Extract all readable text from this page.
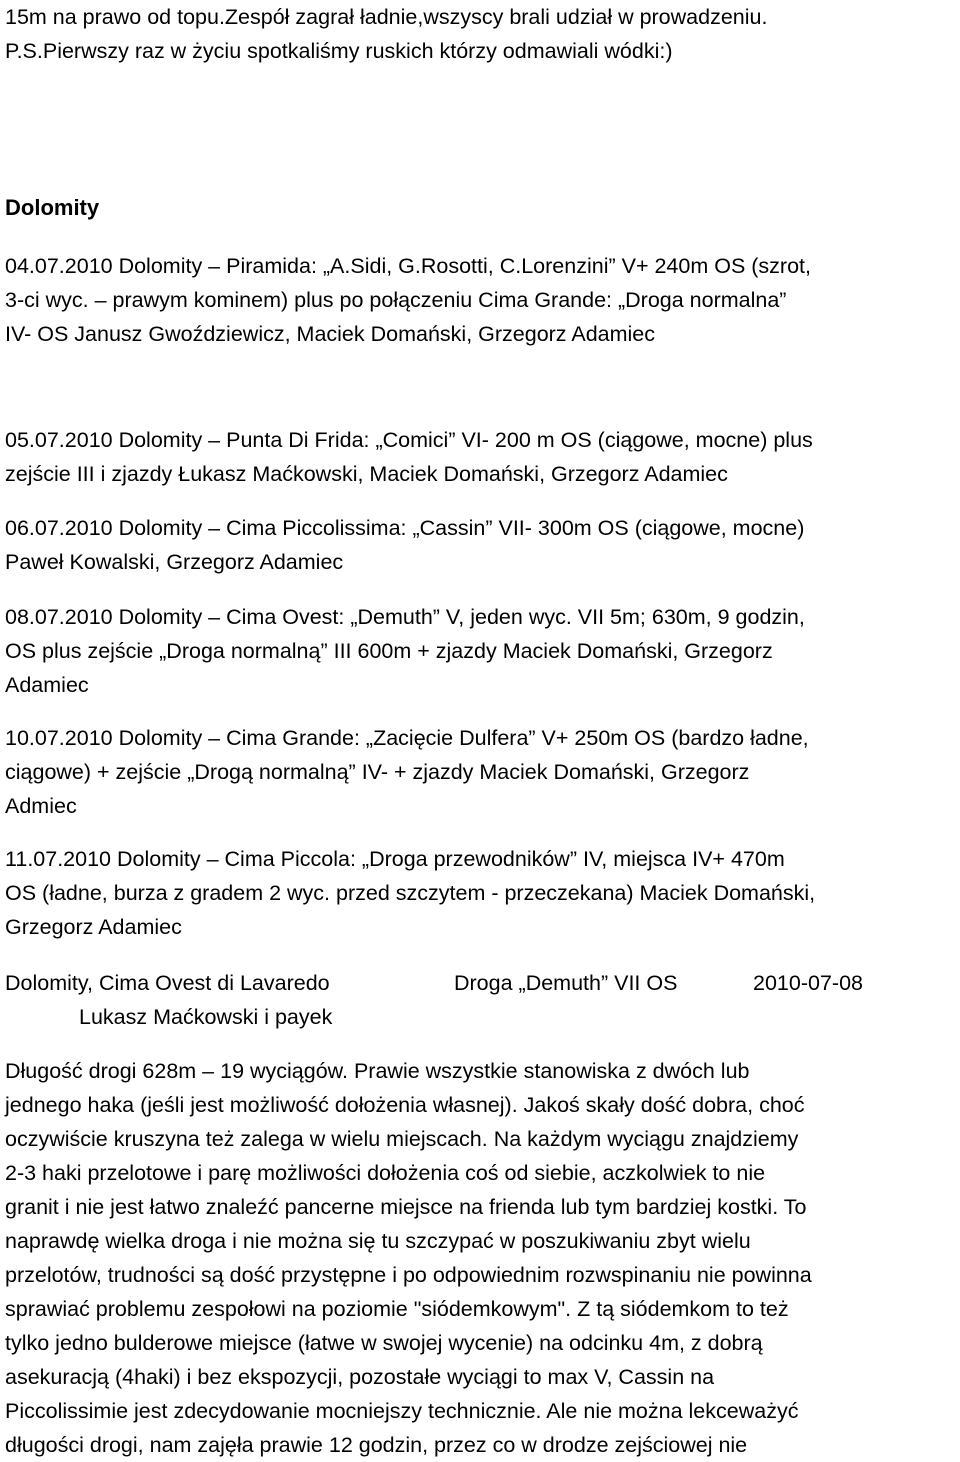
15m na prawo od topu.Zespół zagrał ładnie,wszyscy brali udział w prowadzeniu.
P.S.Pierwszy raz w życiu spotkaliśmy ruskich którzy odmawiali wódki:)
Dolomity
04.07.2010 Dolomity – Piramida: „A.Sidi, G.Rosotti, C.Lorenzini” V+ 240m OS (szrot,
3-ci wyc. – prawym kominem) plus po połączeniu Cima Grande: „Droga normalna”
IV- OS Janusz Gwoździewicz, Maciek Domański, Grzegorz Adamiec
05.07.2010 Dolomity – Punta Di Frida: „Comici” VI- 200 m OS (ciągowe, mocne) plus
zejście III i zjazdy Łukasz Maćkowski, Maciek Domański, Grzegorz Adamiec
06.07.2010 Dolomity – Cima Piccolissima: „Cassin” VII- 300m OS (ciągowe, mocne)
Paweł Kowalski, Grzegorz Adamiec
08.07.2010 Dolomity – Cima Ovest: „Demuth” V, jeden wyc. VII 5m; 630m, 9 godzin,
OS plus zejście „Droga normalną” III 600m + zjazdy Maciek Domański, Grzegorz
Adamiec
10.07.2010 Dolomity – Cima Grande: „Zacięcie Dulfera” V+ 250m OS (bardzo ładne,
ciągowe) + zejście „Drogą normalną” IV- + zjazdy Maciek Domański, Grzegorz
Admiec
11.07.2010 Dolomity – Cima Piccola: „Droga przewodników” IV, miejsca IV+ 470m
OS (ładne, burza z gradem 2 wyc. przed szczytem - przeczekana) Maciek Domański,
Grzegorz Adamiec
Dolomity, Cima Ovest di Lavaredo	Droga „Demuth” VII OS	2010-07-08
Lukasz Maćkowski i payek
Długość drogi 628m – 19 wyciągów. Prawie wszystkie stanowiska z dwóch lub
jednego haka (jeśli jest możliwość dołożenia własnej). Jakoś skały dość dobra, choć
oczywiście kruszyna też zalega w wielu miejscach. Na każdym wyciągu znajdziemy
2-3 haki przelotowe i parę możliwości dołożenia coś od siebie, aczkolwiek to nie
granit i nie jest łatwo znaleźć pancerne miejsce na frienda lub tym bardziej kostki. To
naprawdę wielka droga i nie można się tu szczypać w poszukiwaniu zbyt wielu
przelotów, trudności są dość przystępne i po odpowiednim rozwspinaniu nie powinna
sprawiać problemu zespołowi na poziomie "siódemkowym". Z tą siódemkom to też
tylko jedno bulderowe miejsce (łatwe w swojej wycenie) na odcinku 4m, z dobrą
asekuracją (4haki) i bez ekspozycji, pozostałe wyciągi to max V, Cassin na
Piccolissimie jest zdecydowanie mocniejszy technicznie. Ale nie można lekceważyć
długości drogi, nam zajęła prawie 12 godzin, przez co w drodze zejściowej nie
